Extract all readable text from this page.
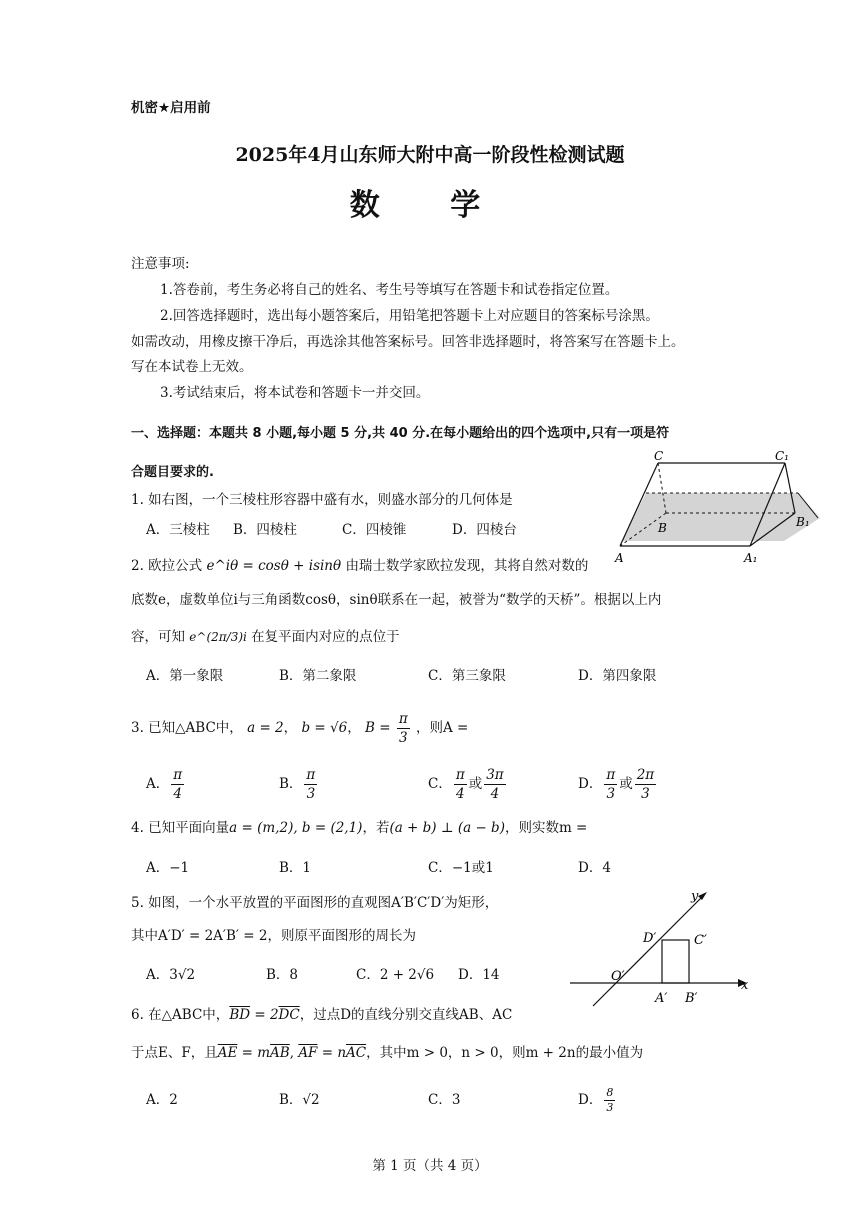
机密★启用前
2025年4月山东师大附中高一阶段性检测试题
数 学
注意事项:
1.答卷前，考生务必将自己的姓名、考生号等填写在答题卡和试卷指定位置。
2.回答选择题时，选出每小题答案后，用铅笔把答题卡上对应题目的答案标号涂黑。
如需改动，用橡皮擦干净后，再选涂其他答案标号。回答非选择题时，将答案写在答题卡上。
写在本试卷上无效。
3.考试结束后，将本试卷和答题卡一并交回。
一、选择题：本题共 8 小题,每小题 5 分,共 40 分.在每小题给出的四个选项中,只有一项是符
合题目要求的.
1. 如右图，一个三棱柱形容器中盛有水，则盛水部分的几何体是
A．三棱柱 B．四棱柱	C．四棱锥	D．四棱台
C	C₁
B	B₁
A	A₁
2. 欧拉公式 e^iθ = cosθ + isinθ 由瑞士数学家欧拉发现，其将自然对数的
底数e，虚数单位i与三角函数cosθ，sinθ联系在一起，被誉为“数学的天桥”。根据以上内
容，可知 e^(2π/3)i 在复平面内对应的点位于
A．第一象限	B．第二象限	C．第三象限	D．第四象限
3. 已知△ABC中， a = 2， b = √6， $B = \frac{\pi}{3}$ ，则A =
A． $\frac{\pi}{4}$	B． $\frac{\pi}{3}$	C． $\frac{\pi}{4}$ 或 $\frac{3\pi}{4}$	D． $\frac{\pi}{3}$ 或 $\frac{2\pi}{3}$
4. 已知平面向量a = (m,2), b = (2,1)，若(a + b) ⊥ (a − b)，则实数m =
A．−1	B．1	C．−1或1	D．4
5. 如图，一个水平放置的平面图形的直观图A′B′C′D′为矩形，
其中A′D′ = 2A′B′ = 2，则原平面图形的周长为
A．3√2	B．8	C．2 + 2√6 D．14
y
D′	C′
O′
A′ B′
x
6. 在△ABC中，$\overline{BD} = 2\overline{DC}$，过点D的直线分别交直线AB、AC
于点E、F，且$\overline{AE} = m\overline{AB}$, $\overline{AF} = n\overline{AC}$，其中m > 0，n > 0，则m + 2n的最小值为
A．2	B．√2	C．3	D． $\frac{8}{3}$
第 1 页（共 4 页）
